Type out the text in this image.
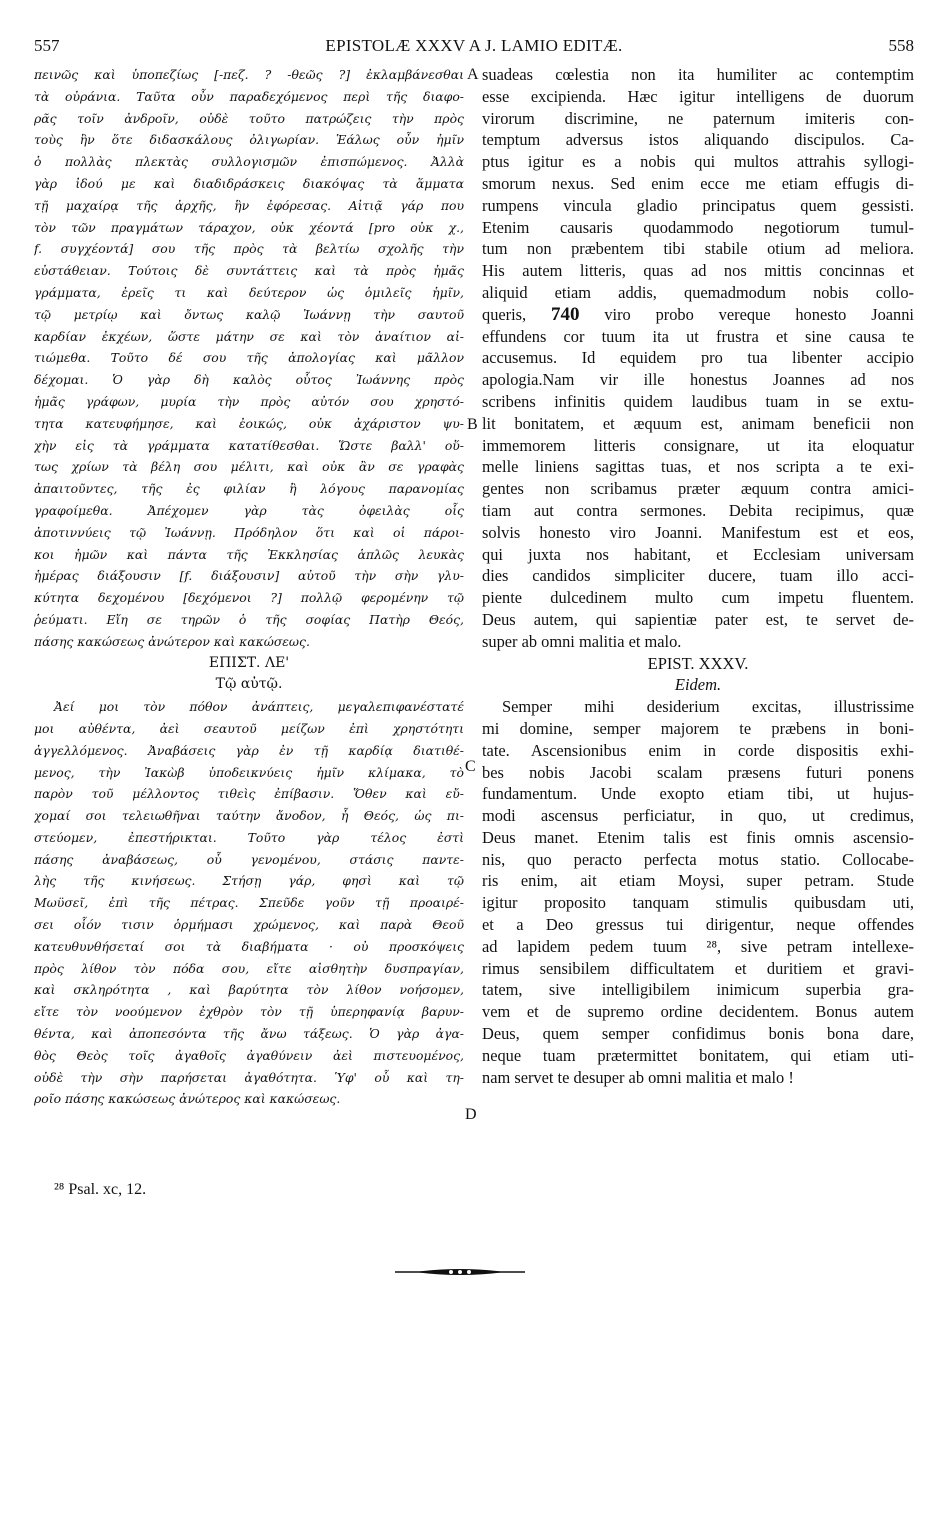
557	EPISTOLÆ XXXV A J. LAMIO EDITÆ.	558
πεινῶς καὶ ὑποπεζίως [-πεζ. ? -θεῶς ?] ἐκλαμβάνεσθαι
τὰ οὐράνια. Ταῦτα οὖν παραδεχόμενος περὶ τῆς διαφο-
ρᾶς τοῖν ἀνδροῖν, οὐδὲ τοῦτο πατρώζεις τὴν πρὸς
τοὺς ἣν ὅτε διδασκάλους ὀλιγωρίαν. Ἑάλως οὖν ἡμῖν
ὁ πολλὰς πλεκτὰς συλλογισμῶν ἐπισπώμενος. Ἀλλὰ
γὰρ ἰδού με καὶ διαδιδράσκεις διακόψας τὰ ἅμματα
τῇ μαχαίρᾳ τῆς ἀρχῆς, ἣν ἐφόρεσας. Αἰτιᾷ γάρ που
τὸν τῶν πραγμάτων τάραχον, οὐκ χέοντά [pro οὐκ χ.,
f. συγχέοντά] σου τῆς πρὸς τὰ βελτίω σχολῆς τὴν
εὐστάθειαν. Τούτοις δὲ συντάττεις καὶ τὰ πρὸς ἡμᾶς
γράμματα, ἐρεῖς τι καὶ δεύτερον ὡς ὁμιλεῖς ἡμῖν,
τῷ μετρίῳ καὶ ὄντως καλῷ Ἰωάννῃ τὴν σαυτοῦ
καρδίαν ἐκχέων, ὥστε μάτην σε καὶ τὸν ἀναίτιον αἰ-
τιώμεθα. Τοῦτο δέ σου τῆς ἀπολογίας καὶ μᾶλλον
δέχομαι. Ὁ γὰρ δὴ καλὸς οὗτος Ἰωάννης πρὸς
ἡμᾶς γράφων, μυρία τὴν πρὸς αὐτόν σου χρηστό-
τητα κατευφήμησε, καὶ ἐοικώς, οὐκ ἀχάριστον ψυ-
χὴν εἰς τὰ γράμματα κατατίθεσθαι. Ὥστε βαλλ' οὕ-
τως χρίων τὰ βέλη σου μέλιτι, καὶ οὐκ ἂν σε γραφὰς
ἀπαιτοῦντες, τῆς ἐς φιλίαν ἢ λόγους παρανομίας
γραφοίμεθα. Ἀπέχομεν γὰρ τὰς ὀφειλὰς οἷς
ἀποτιννύεις τῷ Ἰωάννῃ. Πρόδηλον ὅτι καὶ οἱ πάροι-
κοι ἡμῶν καὶ πάντα τῆς Ἐκκλησίας ἁπλῶς λευκὰς
ἡμέρας διάξουσιν [f. διάξουσιν] αὐτοῦ τὴν σὴν γλυ-
κύτητα δεχομένου [δεχόμενοι ?] πολλῷ φερομένην τῷ
ῥεύματι. Εἴη σε τηρῶν ὁ τῆς σοφίας Πατὴρ Θεός,
πάσης κακώσεως ἀνώτερον καὶ κακώσεως.
ΕΠΙΣΤ. ΛΕ'
Τῷ αὐτῷ.
Ἀεί μοι τὸν πόθον ἀνάπτεις, μεγαλεπιφανέστατέ
μοι αὐθέντα, ἀεὶ σεαυτοῦ μείζων ἐπὶ χρηστότητι
ἀγγελλόμενος. Ἀναβάσεις γὰρ ἐν τῇ καρδίᾳ διατιθέ-
μενος, τὴν Ἰακὼβ ὑποδεικνύεις ἡμῖν κλίμακα, τὸ
παρὸν τοῦ μέλλοντος τιθεὶς ἐπίβασιν. Ὅθεν καὶ εὔ-
χομαί σοι τελειωθῆναι ταύτην ἄνοδον, ἧ Θεός, ὡς πι-
στεύομεν, ἐπεστήρικται. Τοῦτο γὰρ τέλος ἐστὶ
πάσης ἀναβάσεως, οὗ γενομένου, στάσις παντε-
λὴς τῆς κινήσεως. Στήσῃ γάρ, φησὶ καὶ τῷ
Μωϋσεῖ, ἐπὶ τῆς πέτρας. Σπεῦδε γοῦν τῇ προαιρέ-
σει οἷόν τισιν ὁρμήμασι χρώμενος, καὶ παρὰ Θεοῦ
κατευθυνθήσεταί σοι τὰ διαβήματα · οὐ προσκόψεις
πρὸς λίθον τὸν πόδα σου, εἴτε αἰσθητὴν δυσπραγίαν,
καὶ σκληρότητα , καὶ βαρύτητα τὸν λίθον νοήσομεν,
εἴτε τὸν νοούμενον ἐχθρὸν τὸν τῇ ὑπερηφανίᾳ βαρυν-
θέντα, καὶ ἀποπεσόντα τῆς ἄνω τάξεως. Ὁ γὰρ ἀγα-
θὸς Θεὸς τοῖς ἀγαθοῖς ἀγαθύνειν ἀεὶ πιστευομένος,
οὐδὲ τὴν σὴν παρήσεται ἀγαθότητα. Ὑφ' οὗ καὶ τη-
ροῖο πάσης κακώσεως ἀνώτερος καὶ κακώσεως.
suadeas cœlestia non ita humiliter ac contemptim
esse excipienda. Hæc igitur intelligens de duorum
virorum discrimine, ne paternum imiteris con-
temptum adversus istos aliquando discipulos. Ca-
ptus igitur es a nobis qui multos attrahis syllogi-
smorum nexus. Sed enim ecce me etiam effugis di-
rumpens vincula gladio principatus quem gessisti.
Etenim causaris quodammodo negotiorum tumul-
tum non præbentem tibi stabile otium ad meliora.
His autem litteris, quas ad nos mittis concinnas et
aliquid etiam addis, quemadmodum nobis collo-
queris, 740 viro probo vereque honesto Joanni
effundens cor tuum ita ut frustra et sine causa te
accusemus. Id equidem pro tua libenter accipio
apologia.Nam vir ille honestus Joannes ad nos
scribens infinitis quidem laudibus tuam in se extu-
lit bonitatem, et æquum est, animam beneficii non
immemorem litteris consignare, ut ita eloquatur
melle liniens sagittas tuas, et nos scripta a te exi-
gentes non scribamus præter æquum contra amici-
tiam aut contra sermones. Debita recipimus, quæ
solvis honesto viro Joanni. Manifestum est et eos,
qui juxta nos habitant, et Ecclesiam universam
dies candidos simpliciter ducere, tuam illo acci-
piente dulcedinem multo cum impetu fluentem.
Deus autem, qui sapientiæ pater est, te servet de-
super ab omni malitia et malo.
EPIST. XXXV.
Eidem.
Semper mihi desiderium excitas, illustrissime
mi domine, semper majorem te præbens in boni-
tate. Ascensionibus enim in corde dispositis exhi-
bes nobis Jacobi scalam præsens futuri ponens
fundamentum. Unde exopto etiam tibi, ut hujus-
modi ascensus perficiatur, in quo, ut credimus,
Deus manet. Etenim talis est finis omnis ascensio-
nis, quo peracto perfecta motus statio. Collocabe-
ris enim, ait etiam Moysi, super petram. Stude
igitur proposito tanquam stimulis quibusdam uti,
et a Deo gressus tui dirigentur, neque offendes
ad lapidem pedem tuum ²⁸, sive petram intellexe-
rimus sensibilem difficultatem et duritiem et gravi-
tatem, sive intelligibilem inimicum superbia gra-
vem et de supremo ordine decidentem. Bonus autem
Deus, quem semper confidimus bonis bona dare,
neque tuam prætermittet bonitatem, qui etiam uti-
nam servet te desuper ab omni malitia et malo !
A
B
C
D
²⁸ Psal. xc, 12.
